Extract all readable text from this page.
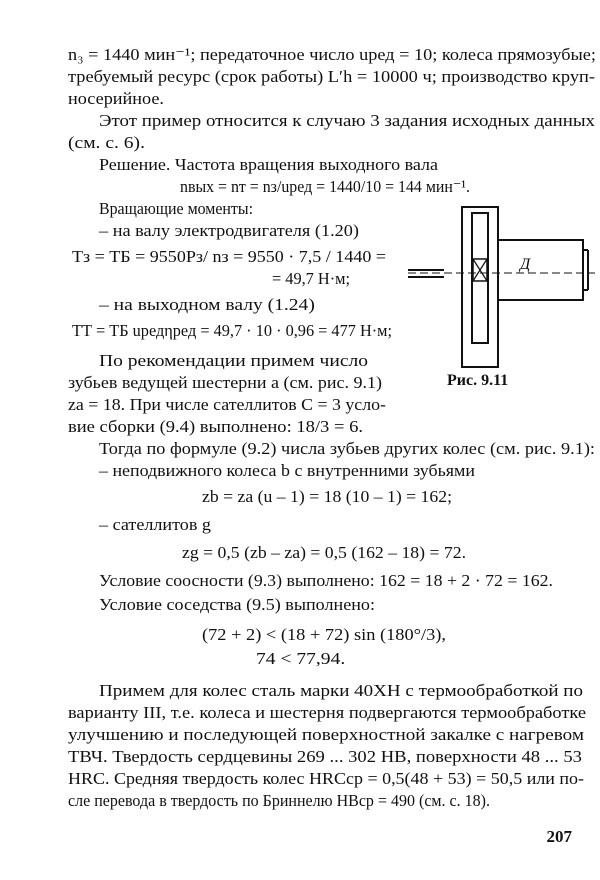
n₃ = 1440 мин⁻¹; передаточное число uред = 10; колеса прямозубые;
требуемый ресурс (срок работы) L′h = 10000 ч; производство круп-
носерийное.
Этот пример относится к случаю 3 задания исходных данных
(см. с. 6).
Решение. Частота вращения выходного вала
nвых = nт = nз/uред = 1440/10 = 144 мин⁻¹.
Вращающие моменты:
– на валу электродвигателя (1.20)
Tз = TБ = 9550Pз/ nз = 9550 · 7,5 / 1440 =
= 49,7 Н·м;
– на выходном валу (1.24)
TТ = TБ uредηред = 49,7 · 10 · 0,96 = 477 Н·м;
По рекомендации примем число
зубьев ведущей шестерни a (см. рис. 9.1)
za = 18. При числе сателлитов C = 3 усло-
вие сборки (9.4) выполнено: 18/3 = 6.
Тогда по формуле (9.2) числа зубьев других колес (см. рис. 9.1):
– неподвижного колеса b с внутренними зубьями
zb = za (u – 1) = 18 (10 – 1) = 162;
– сателлитов g
zg = 0,5 (zb – za) = 0,5 (162 – 18) = 72.
Условие соосности (9.3) выполнено: 162 = 18 + 2 · 72 = 162.
Условие соседства (9.5) выполнено:
(72 + 2) < (18 + 72) sin (180°/3),
74 < 77,94.
Примем для колес сталь марки 40ХН с термообработкой по
варианту III, т.е. колеса и шестерня подвергаются термообработке
улучшению и последующей поверхностной закалке с нагревом
ТВЧ. Твердость сердцевины 269 ... 302 HB, поверхности 48 ... 53
HRC. Средняя твердость колес HRCср = 0,5(48 + 53) = 50,5 или по-
сле перевода в твердость по Бриннелю HBср = 490 (см. с. 18).
Д
Рис. 9.11
207
